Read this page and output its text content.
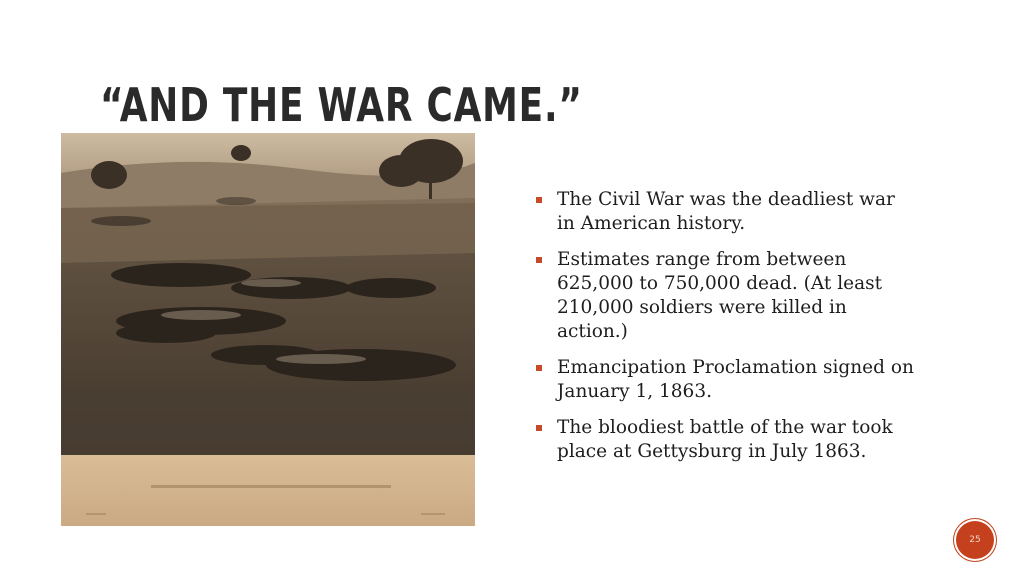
“AND THE WAR CAME.”
The Civil War was the deadliest war in American history.
Estimates range from between 625,000 to 750,000 dead. (At least 210,000 soldiers were killed in action.)
Emancipation Proclamation signed on January 1, 1863.
The bloodiest battle of the war took place at Gettysburg in July 1863.
25
